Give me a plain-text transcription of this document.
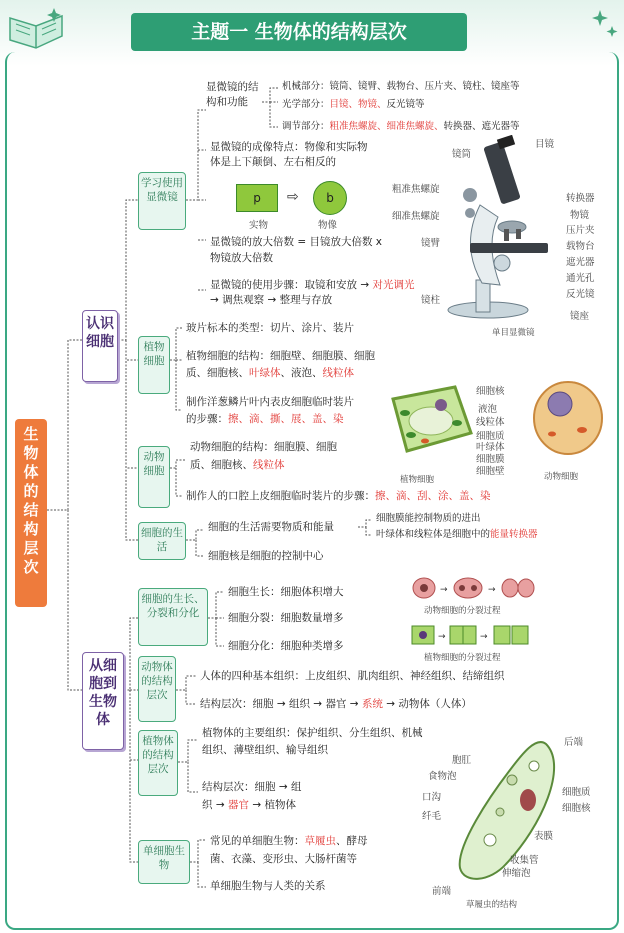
主题一 生物体的结构层次
生物体的结构层次
认识细胞
学习使用显微镜
显微镜的结构和功能
机械部分：镜筒、镜臂、载物台、压片夹、镜柱、镜座等
光学部分：目镜、物镜、反光镜等
调节部分：粗准焦螺旋、细准焦螺旋、转换器、遮光器等
显微镜的成像特点：物像和实际物
体是上下颠倒、左右相反的
p	⇨	b
实物	物像
显微镜的放大倍数 = 目镜放大倍数 x
物镜放大倍数
显微镜的使用步骤：取镜和安放 → 对光调光
→ 调焦观察 → 整理与存放
镜筒
目镜
粗准焦螺旋
细准焦螺旋
镜臂
镜柱
转换器
物镜
压片夹
载物台
遮光器
通光孔
反光镜
镜座
单目显微镜
植物细胞
玻片标本的类型：切片、涂片、装片
植物细胞的结构：细胞壁、细胞膜、细胞
质、细胞核、叶绿体、液泡、线粒体
制作洋葱鳞片叶内表皮细胞临时装片
的步骤：擦、滴、撕、展、盖、染
细胞核
液泡
线粒体
细胞质
叶绿体
细胞膜
细胞壁
植物细胞	动物细胞
动物细胞
动物细胞的结构：细胞膜、细胞
质、细胞核、线粒体
制作人的口腔上皮细胞临时装片的步骤：擦、滴、刮、涂、盖、染
细胞的生活
细胞的生活需要物质和能量
细胞膜能控制物质的进出
叶绿体和线粒体是细胞中的能量转换器
细胞核是细胞的控制中心
从细胞到生物体
细胞的生长、分裂和分化
细胞生长：细胞体积增大
细胞分裂：细胞数量增多
细胞分化：细胞种类增多
→	→
动物细胞的分裂过程
→	→
植物细胞的分裂过程
动物体的结构层次
人体的四种基本组织：上皮组织、肌肉组织、神经组织、结缔组织
结构层次：细胞 → 组织 → 器官 → 系统 → 动物体（人体）
植物体的结构层次
植物体的主要组织：保护组织、分生组织、机械
组织、薄壁组织、输导组织
结构层次：细胞 → 组
织 → 器官 → 植物体
单细胞生物
常见的单细胞生物：草履虫、酵母
菌、衣藻、变形虫、大肠杆菌等
单细胞生物与人类的关系
后端
胞肛
食物泡
口沟
纤毛
细胞质
细胞核
表膜
收集管
伸缩泡
前端
草履虫的结构
